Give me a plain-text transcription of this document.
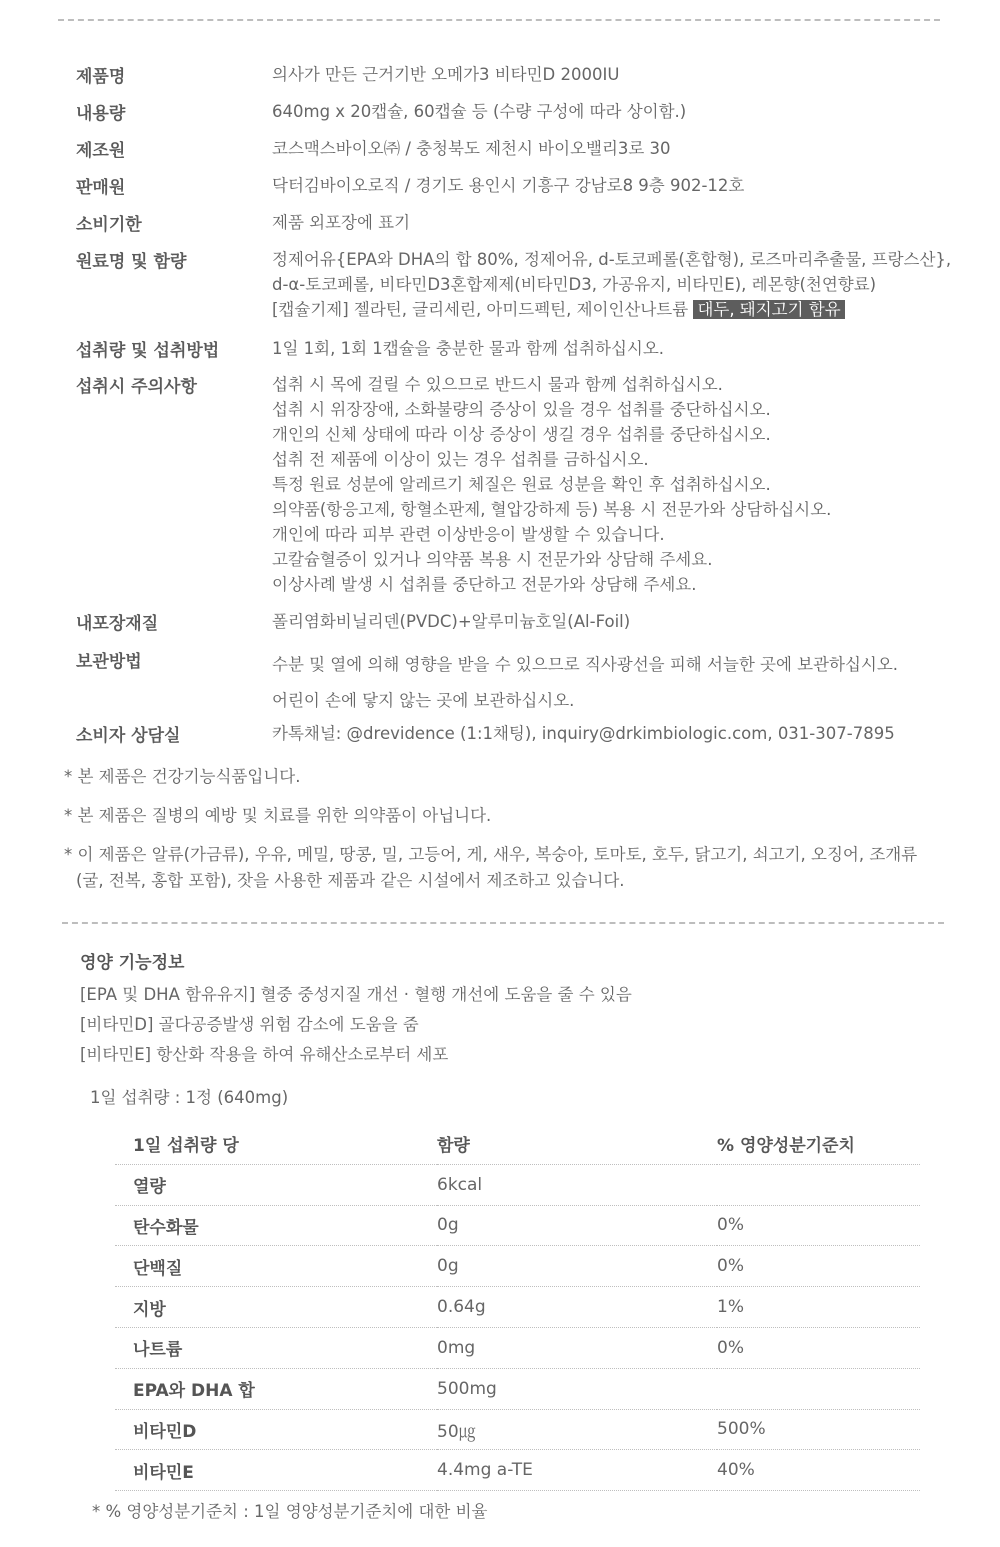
제품명	의사가 만든 근거기반 오메가3 비타민D 2000IU
내용량	640mg x 20캡슐, 60캡슐 등 (수량 구성에 따라 상이함.)
제조원	코스맥스바이오㈜ / 충청북도 제천시 바이오밸리3로 30
판매원	닥터김바이오로직 / 경기도 용인시 기흥구 강남로8 9층 902-12호
소비기한	제품 외포장에 표기
원료명 및 함량	정제어유{EPA와 DHA의 합 80%, 정제어유, d-토코페롤(혼합형), 로즈마리추출물, 프랑스산},
d-α-토코페롤, 비타민D3혼합제제(비타민D3, 가공유지, 비타민E), 레몬향(천연향료)
[캡슐기제] 젤라틴, 글리세린, 아미드펙틴, 제이인산나트륨 대두, 돼지고기 함유
섭취량 및 섭취방법	1일 1회, 1회 1캡슐을 충분한 물과 함께 섭취하십시오.
섭취시 주의사항	섭취 시 목에 걸릴 수 있으므로 반드시 물과 함께 섭취하십시오.
섭취 시 위장장애, 소화불량의 증상이 있을 경우 섭취를 중단하십시오.
개인의 신체 상태에 따라 이상 증상이 생길 경우 섭취를 중단하십시오.
섭취 전 제품에 이상이 있는 경우 섭취를 금하십시오.
특정 원료 성분에 알레르기 체질은 원료 성분을 확인 후 섭취하십시오.
의약품(항응고제, 항혈소판제, 혈압강하제 등) 복용 시 전문가와 상담하십시오.
개인에 따라 피부 관련 이상반응이 발생할 수 있습니다.
고칼슘혈증이 있거나 의약품 복용 시 전문가와 상담해 주세요.
이상사례 발생 시 섭취를 중단하고 전문가와 상담해 주세요.
내포장재질	폴리염화비닐리덴(PVDC)+알루미늄호일(Al-Foil)
보관방법	수분 및 열에 의해 영향을 받을 수 있으므로 직사광선을 피해 서늘한 곳에 보관하십시오.
어린이 손에 닿지 않는 곳에 보관하십시오.
소비자 상담실	카톡채널: @drevidence (1:1채팅), inquiry@drkimbiologic.com, 031-307-7895
* 본 제품은 건강기능식품입니다.
* 본 제품은 질병의 예방 및 치료를 위한 의약품이 아닙니다.
* 이 제품은 알류(가금류), 우유, 메밀, 땅콩, 밀, 고등어, 게, 새우, 복숭아, 토마토, 호두, 닭고기, 쇠고기, 오징어, 조개류
(굴, 전복, 홍합 포함), 잣을 사용한 제품과 같은 시설에서 제조하고 있습니다.
영양 기능정보
[EPA 및 DHA 함유유지] 혈중 중성지질 개선 · 혈행 개선에 도움을 줄 수 있음
[비타민D] 골다공증발생 위험 감소에 도움을 줌
[비타민E] 항산화 작용을 하여 유해산소로부터 세포
1일 섭취량 : 1정 (640mg)
1일 섭취량 당	함량	% 영양성분기준치
열량	6kcal	
탄수화물	0g	0%
단백질	0g	0%
지방	0.64g	1%
나트륨	0mg	0%
EPA와 DHA 합	500mg	
비타민D	50㎍	500%
비타민E	4.4mg a-TE	40%
* % 영양성분기준치 : 1일 영양성분기준치에 대한 비율
